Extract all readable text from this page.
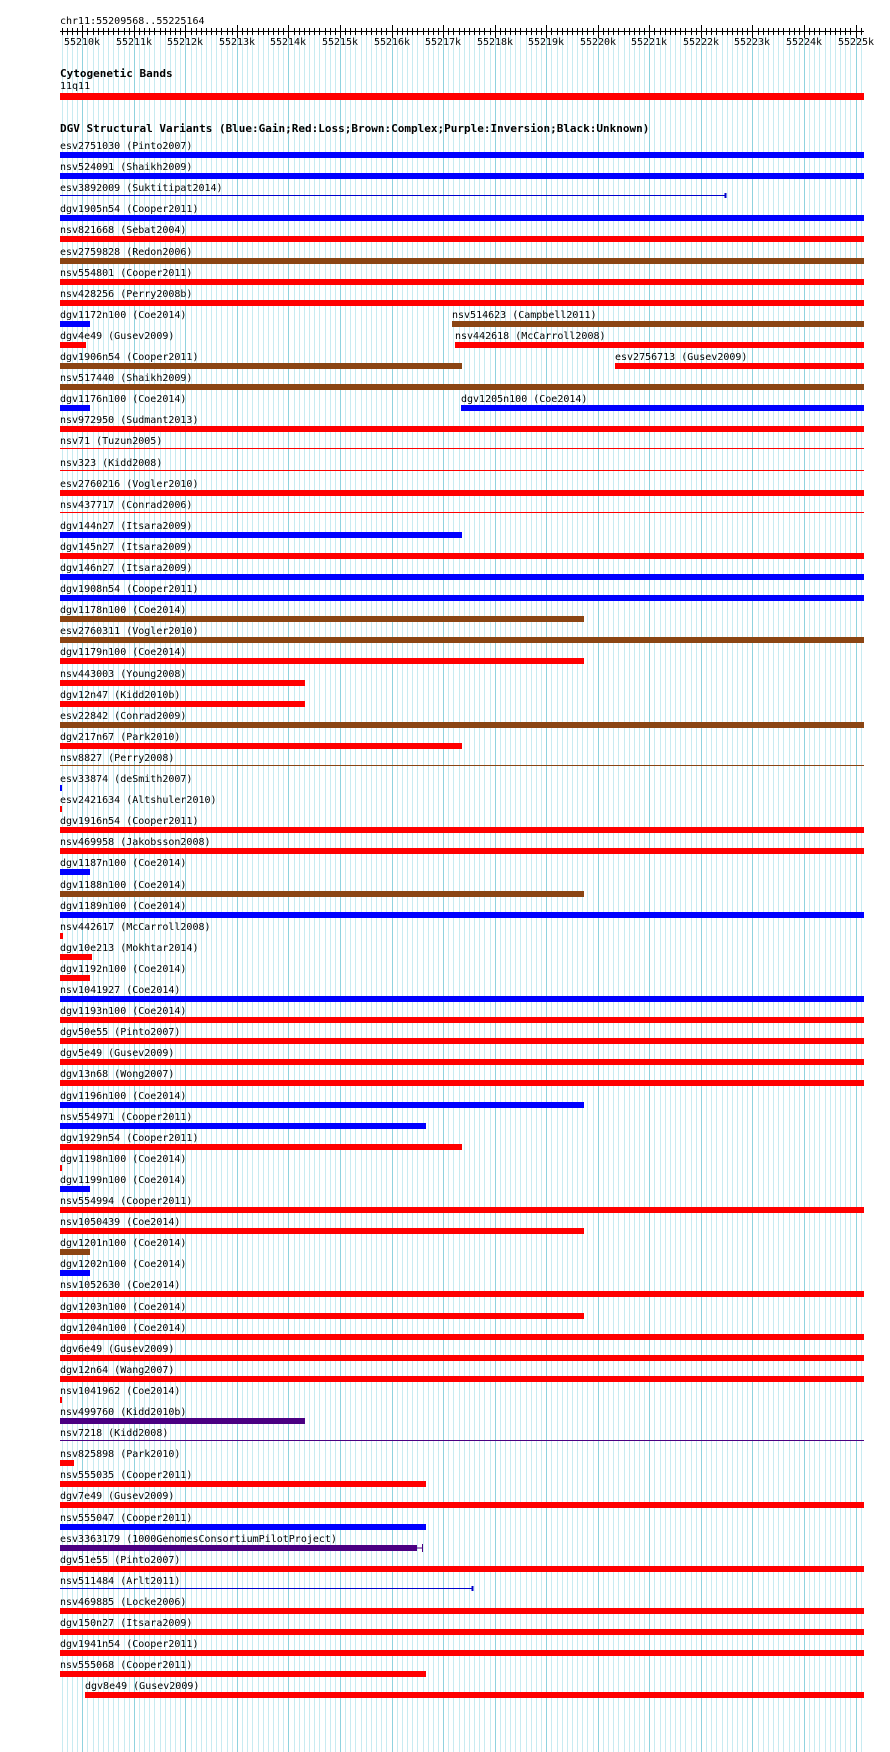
chr11:55209568..55225164
55210k 55211k 55212k 55213k 55214k 55215k 55216k 55217k 55218k 55219k 55220k 55221k 55222k 55223k 55224k 55225k
Cytogenetic Bands
11q11
DGV Structural Variants (Blue:Gain;Red:Loss;Brown:Complex;Purple:Inversion;Black:Unknown)
esv2751030 (Pinto2007)
nsv524091 (Shaikh2009)
esv3892009 (Suktitipat2014)
dgv1905n54 (Cooper2011)
nsv821668 (Sebat2004)
esv2759828 (Redon2006)
nsv554801 (Cooper2011)
nsv428256 (Perry2008b)
dgv1172n100 (Coe2014)	nsv514623 (Campbell2011)
dgv4e49 (Gusev2009)	nsv442618 (McCarroll2008)
dgv1906n54 (Cooper2011)	esv2756713 (Gusev2009)
nsv517440 (Shaikh2009)
dgv1176n100 (Coe2014)	dgv1205n100 (Coe2014)
nsv972950 (Sudmant2013)
nsv71 (Tuzun2005)
nsv323 (Kidd2008)
esv2760216 (Vogler2010)
nsv437717 (Conrad2006)
dgv144n27 (Itsara2009)
dgv145n27 (Itsara2009)
dgv146n27 (Itsara2009)
dgv1908n54 (Cooper2011)
dgv1178n100 (Coe2014)
esv2760311 (Vogler2010)
dgv1179n100 (Coe2014)
nsv443003 (Young2008)
dgv12n47 (Kidd2010b)
esv22842 (Conrad2009)
dgv217n67 (Park2010)
nsv8827 (Perry2008)
esv33874 (deSmith2007)
esv2421634 (Altshuler2010)
dgv1916n54 (Cooper2011)
nsv469958 (Jakobsson2008)
dgv1187n100 (Coe2014)
dgv1188n100 (Coe2014)
dgv1189n100 (Coe2014)
nsv442617 (McCarroll2008)
dgv10e213 (Mokhtar2014)
dgv1192n100 (Coe2014)
nsv1041927 (Coe2014)
dgv1193n100 (Coe2014)
dgv50e55 (Pinto2007)
dgv5e49 (Gusev2009)
dgv13n68 (Wong2007)
dgv1196n100 (Coe2014)
nsv554971 (Cooper2011)
dgv1929n54 (Cooper2011)
dgv1198n100 (Coe2014)
dgv1199n100 (Coe2014)
nsv554994 (Cooper2011)
nsv1050439 (Coe2014)
dgv1201n100 (Coe2014)
dgv1202n100 (Coe2014)
nsv1052630 (Coe2014)
dgv1203n100 (Coe2014)
dgv1204n100 (Coe2014)
dgv6e49 (Gusev2009)
dgv12n64 (Wang2007)
nsv1041962 (Coe2014)
nsv499760 (Kidd2010b)
nsv7218 (Kidd2008)
nsv825898 (Park2010)
nsv555035 (Cooper2011)
dgv7e49 (Gusev2009)
nsv555047 (Cooper2011)
esv3363179 (1000GenomesConsortiumPilotProject)
dgv51e55 (Pinto2007)
nsv511484 (Arlt2011)
nsv469885 (Locke2006)
dgv150n27 (Itsara2009)
dgv1941n54 (Cooper2011)
nsv555068 (Cooper2011)
dgv8e49 (Gusev2009)
